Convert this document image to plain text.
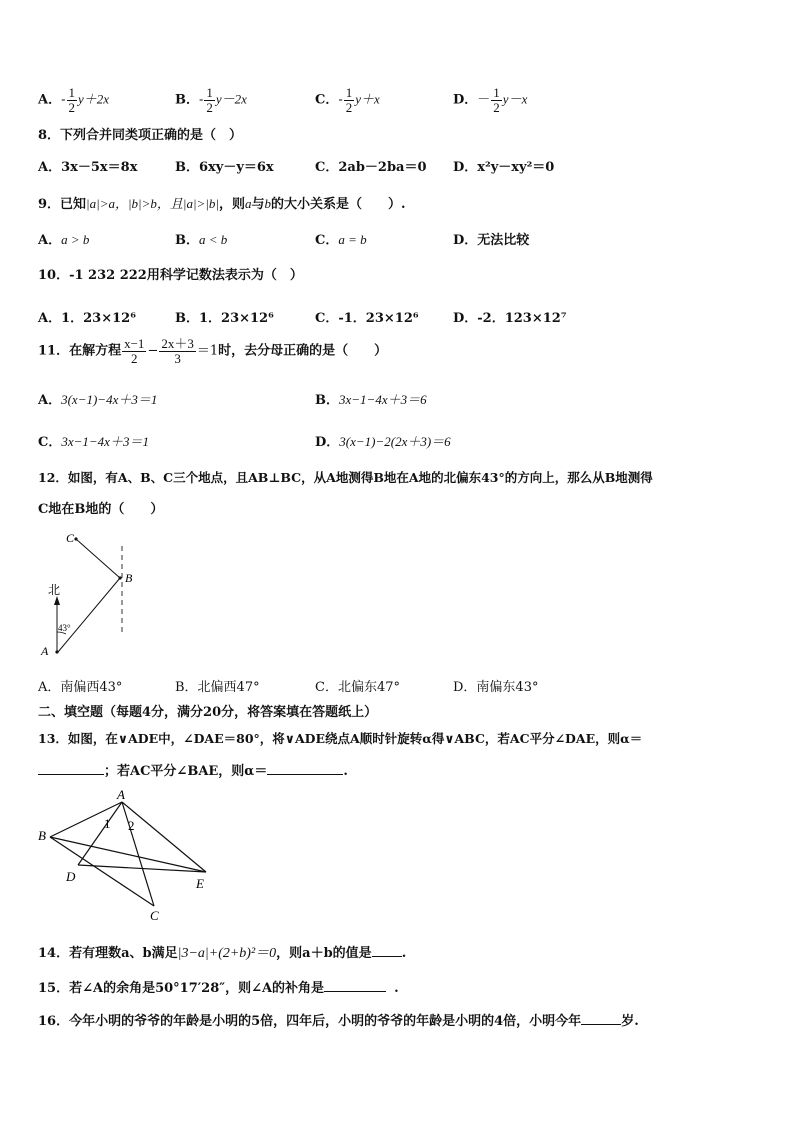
A．- $\frac{1}{2} y+2x$	B．- $\frac{1}{2} y-2x$	C．- $\frac{1}{2} y+x$	D．－ $\frac{1}{2} y-x$
8．下列合并同类项正确的是（　）
A．3x－5x＝8x	B．6xy－y＝6x	C．2ab－2ba＝0 D．x²y－xy²＝0
9．已知|a|>a，|b|>b，且|a|>|b|，则a与b的大小关系是（　　）.
A．a > b	B．a < b	C．a = b	D．无法比较
10．-1 232 222用科学记数法表示为（　）
A．1．23×12⁶	B．1．23×12⁶	C．-1．23×12⁶	D．-2．123×12⁷
11．在解方程 $\frac{x-1}{2} - \frac{2x+3}{3} =1$时，去分母正确的是（　　）
A．3(x−1)−4x＋3＝1	B．3x−1−4x＋3＝6
C．3x−1−4x＋3＝1	D．3(x−1)−2(2x＋3)＝6
12．如图，有A、B、C三个地点，且AB⊥BC，从A地测得B地在A地的北偏东43°的方向上，那么从B地测得
C地在B地的（　　）
C
B
A
北
43°
A．南偏西43°	B．北偏西47°	C．北偏东47°	D．南偏东43°
二、填空题（每题4分，满分20分，将答案填在答题纸上）
13．如图，在∨ADE中，∠DAE＝80°，将∨ADE绕点A顺时针旋转α得∨ABC，若AC平分∠DAE，则α＝
；若AC平分∠BAE，则α＝	.
A
B
D	E
C
1 2
14．若有理数a、b满足|3−a|+(2+b)²＝0，则a＋b的值是 .
15．若∠A的余角是50°17′28″，则∠A的补角是	.
16．今年小明的爷爷的年龄是小明的5倍，四年后，小明的爷爷的年龄是小明的4倍，小明今年	岁.
